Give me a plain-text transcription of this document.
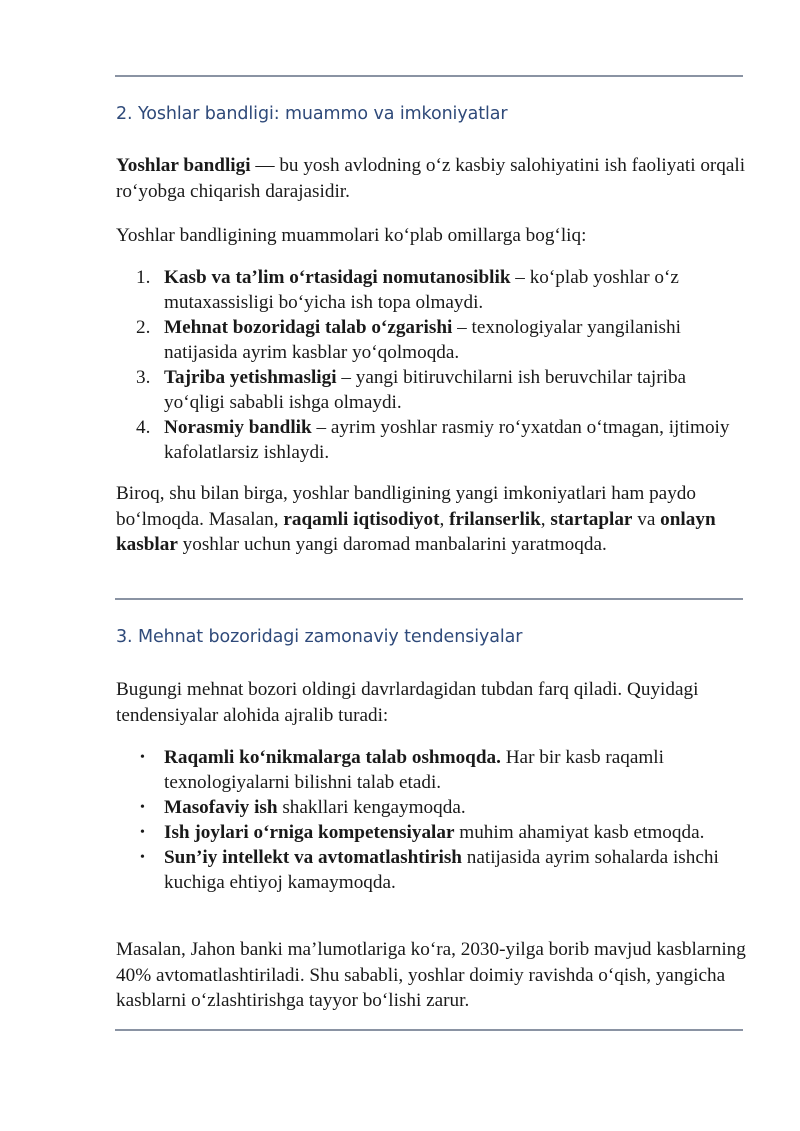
2. Yoshlar bandligi: muammo va imkoniyatlar

Yoshlar bandligi — bu yosh avlodning o‘z kasbiy salohiyatini ish faoliyati orqali ro‘yobga chiqarish darajasidir.

Yoshlar bandligining muammolari ko‘plab omillarga bog‘liq:

1. Kasb va ta’lim o‘rtasidagi nomutanosiblik – ko‘plab yoshlar o‘z mutaxassisligi bo‘yicha ish topa olmaydi.
2. Mehnat bozoridagi talab o‘zgarishi – texnologiyalar yangilanishi natijasida ayrim kasblar yo‘qolmoqda.
3. Tajriba yetishmasligi – yangi bitiruvchilarni ish beruvchilar tajriba yo‘qligi sababli ishga olmaydi.
4. Norasmiy bandlik – ayrim yoshlar rasmiy ro‘yxatdan o‘tmagan, ijtimoiy kafolatlarsiz ishlaydi.

Biroq, shu bilan birga, yoshlar bandligining yangi imkoniyatlari ham paydo bo‘lmoqda. Masalan, raqamli iqtisodiyot, frilanserlik, startaplar va onlayn kasblar yoshlar uchun yangi daromad manbalarini yaratmoqda.

3. Mehnat bozoridagi zamonaviy tendensiyalar

Bugungi mehnat bozori oldingi davrlardagidan tubdan farq qiladi. Quyidagi tendensiyalar alohida ajralib turadi:

• Raqamli ko‘nikmalarga talab oshmoqda. Har bir kasb raqamli texnologiyalarni bilishni talab etadi.
• Masofaviy ish shakllari kengaymoqda.
• Ish joylari o‘rniga kompetensiyalar muhim ahamiyat kasb etmoqda.
• Sun’iy intellekt va avtomatlashtirish natijasida ayrim sohalarda ishchi kuchiga ehtiyoj kamaymoqda.

Masalan, Jahon banki ma’lumotlariga ko‘ra, 2030-yilga borib mavjud kasblarning 40% avtomatlashtiriladi. Shu sababli, yoshlar doimiy ravishda o‘qish, yangicha kasblarni o‘zlashtirishga tayyor bo‘lishi zarur.
